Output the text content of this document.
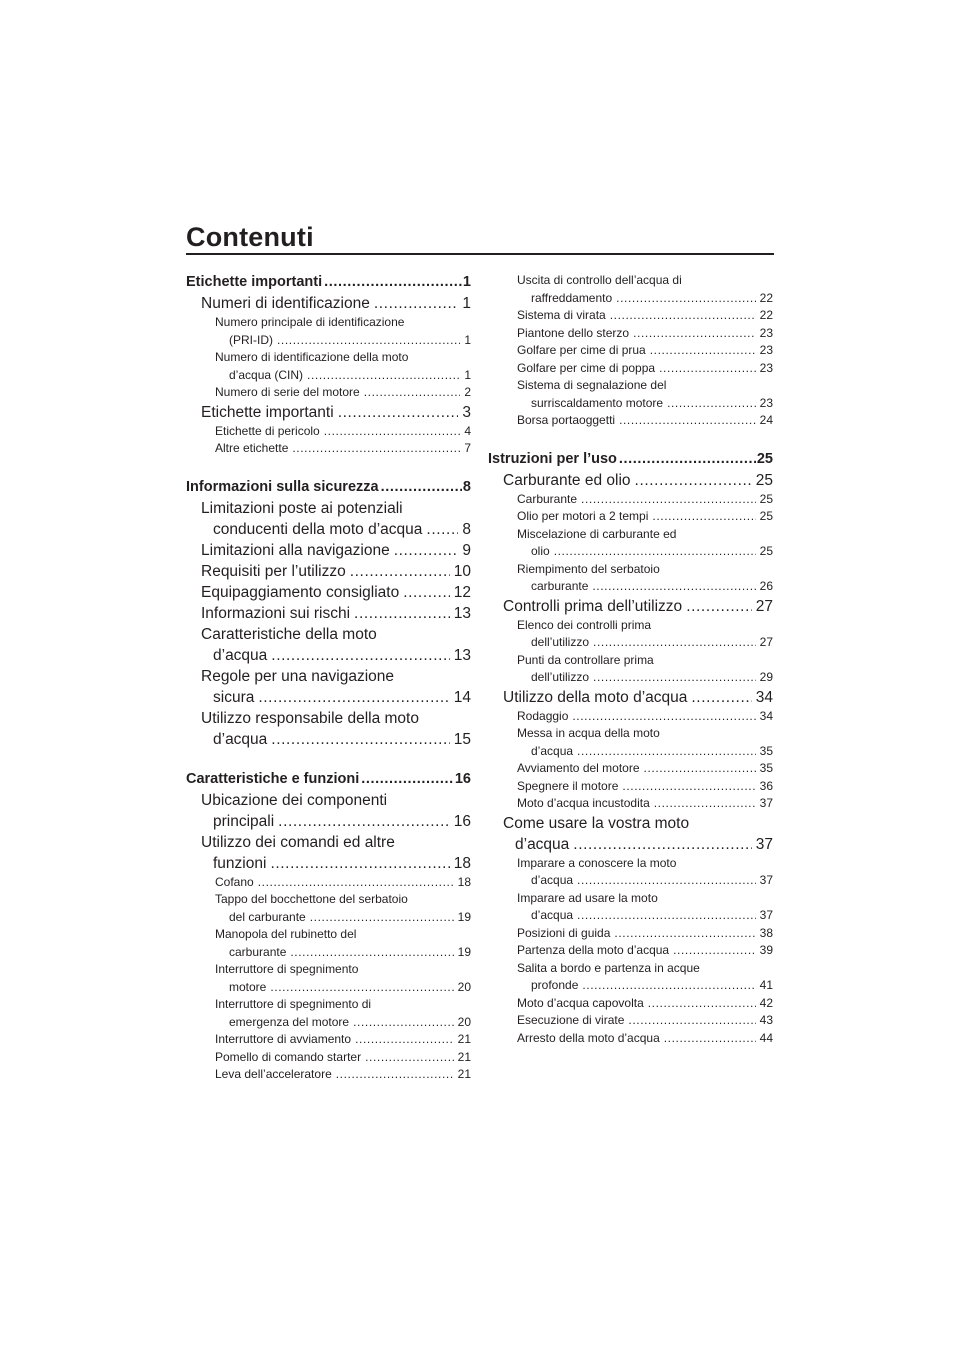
Contenuti
Etichette importanti .....	1
Numeri di identificazione .....	1
Numero principale di identificazione
(PRI-ID) .....	1
Numero di identificazione della moto
d’acqua (CIN) .....	1
Numero di serie del motore .....	2
Etichette importanti .....	3
Etichette di pericolo .....	4
Altre etichette .....	7
Informazioni sulla sicurezza .....	8
Limitazioni poste ai potenziali
conducenti della moto d’acqua .....	8
Limitazioni alla navigazione .....	9
Requisiti per l’utilizzo .....	10
Equipaggiamento consigliato .....	12
Informazioni sui rischi .....	13
Caratteristiche della moto
d’acqua .....	13
Regole per una navigazione
sicura .....	14
Utilizzo responsabile della moto
d’acqua .....	15
Caratteristiche e funzioni .....	16
Ubicazione dei componenti
principali .....	16
Utilizzo dei comandi ed altre
funzioni .....	18
Cofano .....	18
Tappo del bocchettone del serbatoio
del carburante .....	19
Manopola del rubinetto del
carburante .....	19
Interruttore di spegnimento
motore .....	20
Interruttore di spegnimento di
emergenza del motore .....	20
Interruttore di avviamento .....	21
Pomello di comando starter .....	21
Leva dell’acceleratore .....	21
Uscita di controllo dell’acqua di
raffreddamento .....	22
Sistema di virata .....	22
Piantone dello sterzo .....	23
Golfare per cime di prua .....	23
Golfare per cime di poppa .....	23
Sistema di segnalazione del
surriscaldamento motore .....	23
Borsa portaoggetti .....	24
Istruzioni per l’uso .....	25
Carburante ed olio .....	25
Carburante .....	25
Olio per motori a 2 tempi .....	25
Miscelazione di carburante ed
olio .....	25
Riempimento del serbatoio
carburante .....	26
Controlli prima dell’utilizzo .....	27
Elenco dei controlli prima
dell’utilizzo .....	27
Punti da controllare prima
dell’utilizzo .....	29
Utilizzo della moto d’acqua .....	34
Rodaggio .....	34
Messa in acqua della moto
d’acqua .....	35
Avviamento del motore .....	35
Spegnere il motore .....	36
Moto d’acqua incustodita .....	37
Come usare la vostra moto
d’acqua .....	37
Imparare a conoscere la moto
d’acqua .....	37
Imparare ad usare la moto
d’acqua .....	37
Posizioni di guida .....	38
Partenza della moto d’acqua .....	39
Salita a bordo e partenza in acque
profonde .....	41
Moto d’acqua capovolta .....	42
Esecuzione di virate .....	43
Arresto della moto d’acqua .....	44
